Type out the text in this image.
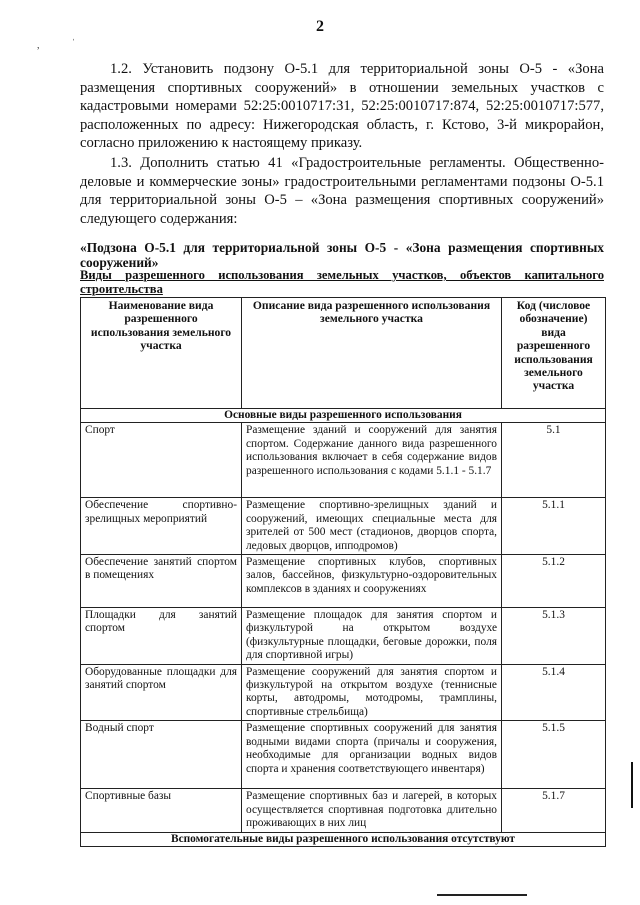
2
,	ˈ

1.2. Установить подзону О-5.1 для территориальной зоны О-5 - «Зона размещения спортивных сооружений» в отношении земельных участков с кадастровыми номерами 52:25:0010717:31, 52:25:0010717:874, 52:25:0010717:577, расположенных по адресу: Нижегородская область, г. Кстово, 3-й микрорайон, согласно приложению к настоящему приказу.

1.3. Дополнить статью 41 «Градостроительные регламенты. Общественно-деловые и коммерческие зоны» градостроительными регламентами подзоны О-5.1 для территориальной зоны О-5 – «Зона размещения спортивных сооружений» следующего содержания:

«Подзона О-5.1 для территориальной зоны О-5 - «Зона размещения спортивных сооружений»

Виды разрешенного использования земельных участков, объектов капитального строительства

Наименование вида разрешенного использования земельного участка	Описание вида разрешенного использования земельного участка	Код (числовое обозначение) вида разрешенного использования земельного участка
Основные виды разрешенного использования		
Спорт	Размещение зданий и сооружений для занятия спортом. Содержание данного вида разрешенного использования включает в себя содержание видов разрешенного использования с кодами 5.1.1 - 5.1.7	5.1
Обеспечение спортивно-зрелищных мероприятий	Размещение спортивно-зрелищных зданий и сооружений, имеющих специальные места для зрителей от 500 мест (стадионов, дворцов спорта, ледовых дворцов, ипподромов)	5.1.1
Обеспечение занятий спортом в помещениях	Размещение спортивных клубов, спортивных залов, бассейнов, физкультурно-оздоровительных комплексов в зданиях и сооружениях	5.1.2
Площадки для занятий спортом	Размещение площадок для занятия спортом и физкультурой на открытом воздухе (физкультурные площадки, беговые дорожки, поля для спортивной игры)	5.1.3
Оборудованные площадки для занятий спортом	Размещение сооружений для занятия спортом и физкультурой на открытом воздухе (теннисные корты, автодромы, мотодромы, трамплины, спортивные стрельбища)	5.1.4
Водный спорт	Размещение спортивных сооружений для занятия водными видами спорта (причалы и сооружения, необходимые для организации водных видов спорта и хранения соответствующего инвентаря)	5.1.5
Спортивные базы	Размещение спортивных баз и лагерей, в которых осуществляется спортивная подготовка длительно проживающих в них лиц	5.1.7
Вспомогательные виды разрешенного использования отсутствуют		
